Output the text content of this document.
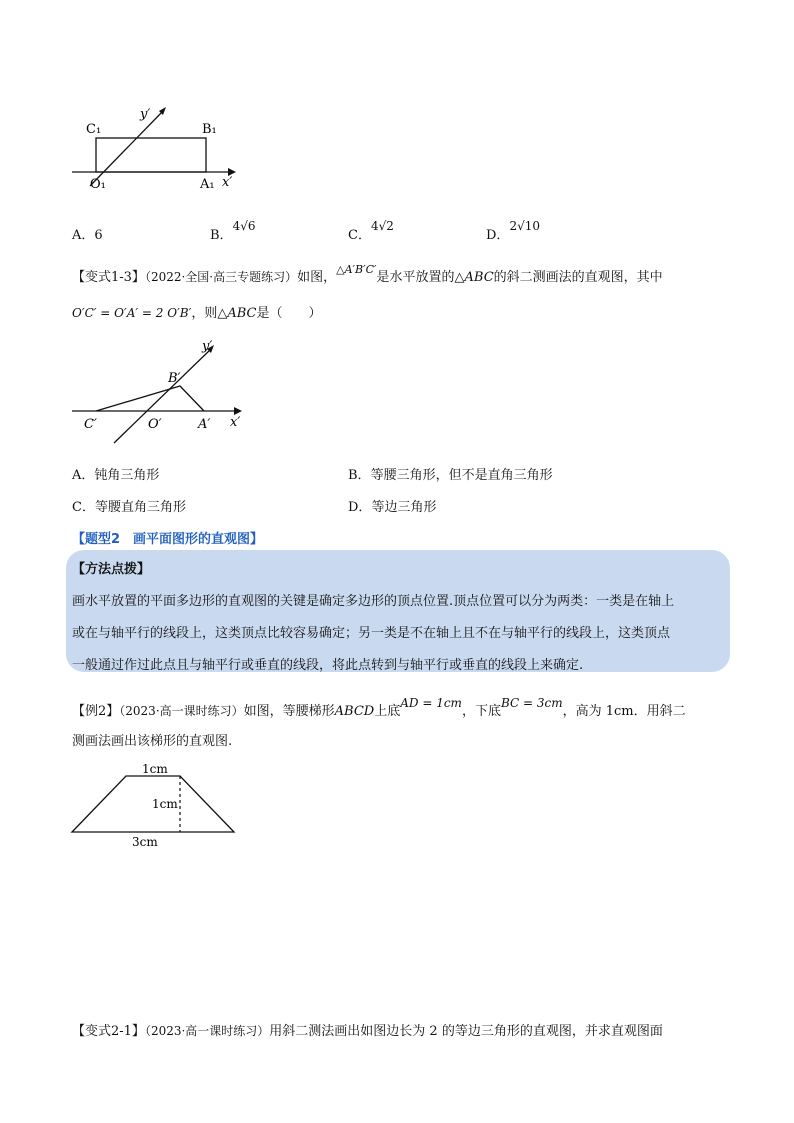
C₁	B₁
O₁	A₁ x′
y′
A．6	B．4√6
C．4√2
D．2√10
【变式1-3】（2022·全国·高三专题练习）如图，$^{\triangle A'B'C'}$是水平放置的△ABC的斜二测画法的直观图，其中
O′C′ = O′A′ = 2 O′B′，则△ABC是（　　）
B′
C′	O′	A′ x′
y′
A．钝角三角形	B．等腰三角形，但不是直角三角形
C．等腰直角三角形	D．等边三角形
【题型2　画平面图形的直观图】
【方法点拨】
画水平放置的平面多边形的直观图的关键是确定多边形的顶点位置.顶点位置可以分为两类：一类是在轴上
或在与轴平行的线段上，这类顶点比较容易确定；另一类是不在轴上且不在与轴平行的线段上，这类顶点
一般通过作过此点且与轴平行或垂直的线段，将此点转到与轴平行或垂直的线段上来确定.
【例2】（2023·高一课时练习）如图，等腰梯形ABCD上底AD = 1cm，下底BC = 3cm，高为 1cm．用斜二
测画法画出该梯形的直观图.
1cm
1cm
3cm
【变式2-1】（2023·高一课时练习）用斜二测法画出如图边长为 2 的等边三角形的直观图，并求直观图面
